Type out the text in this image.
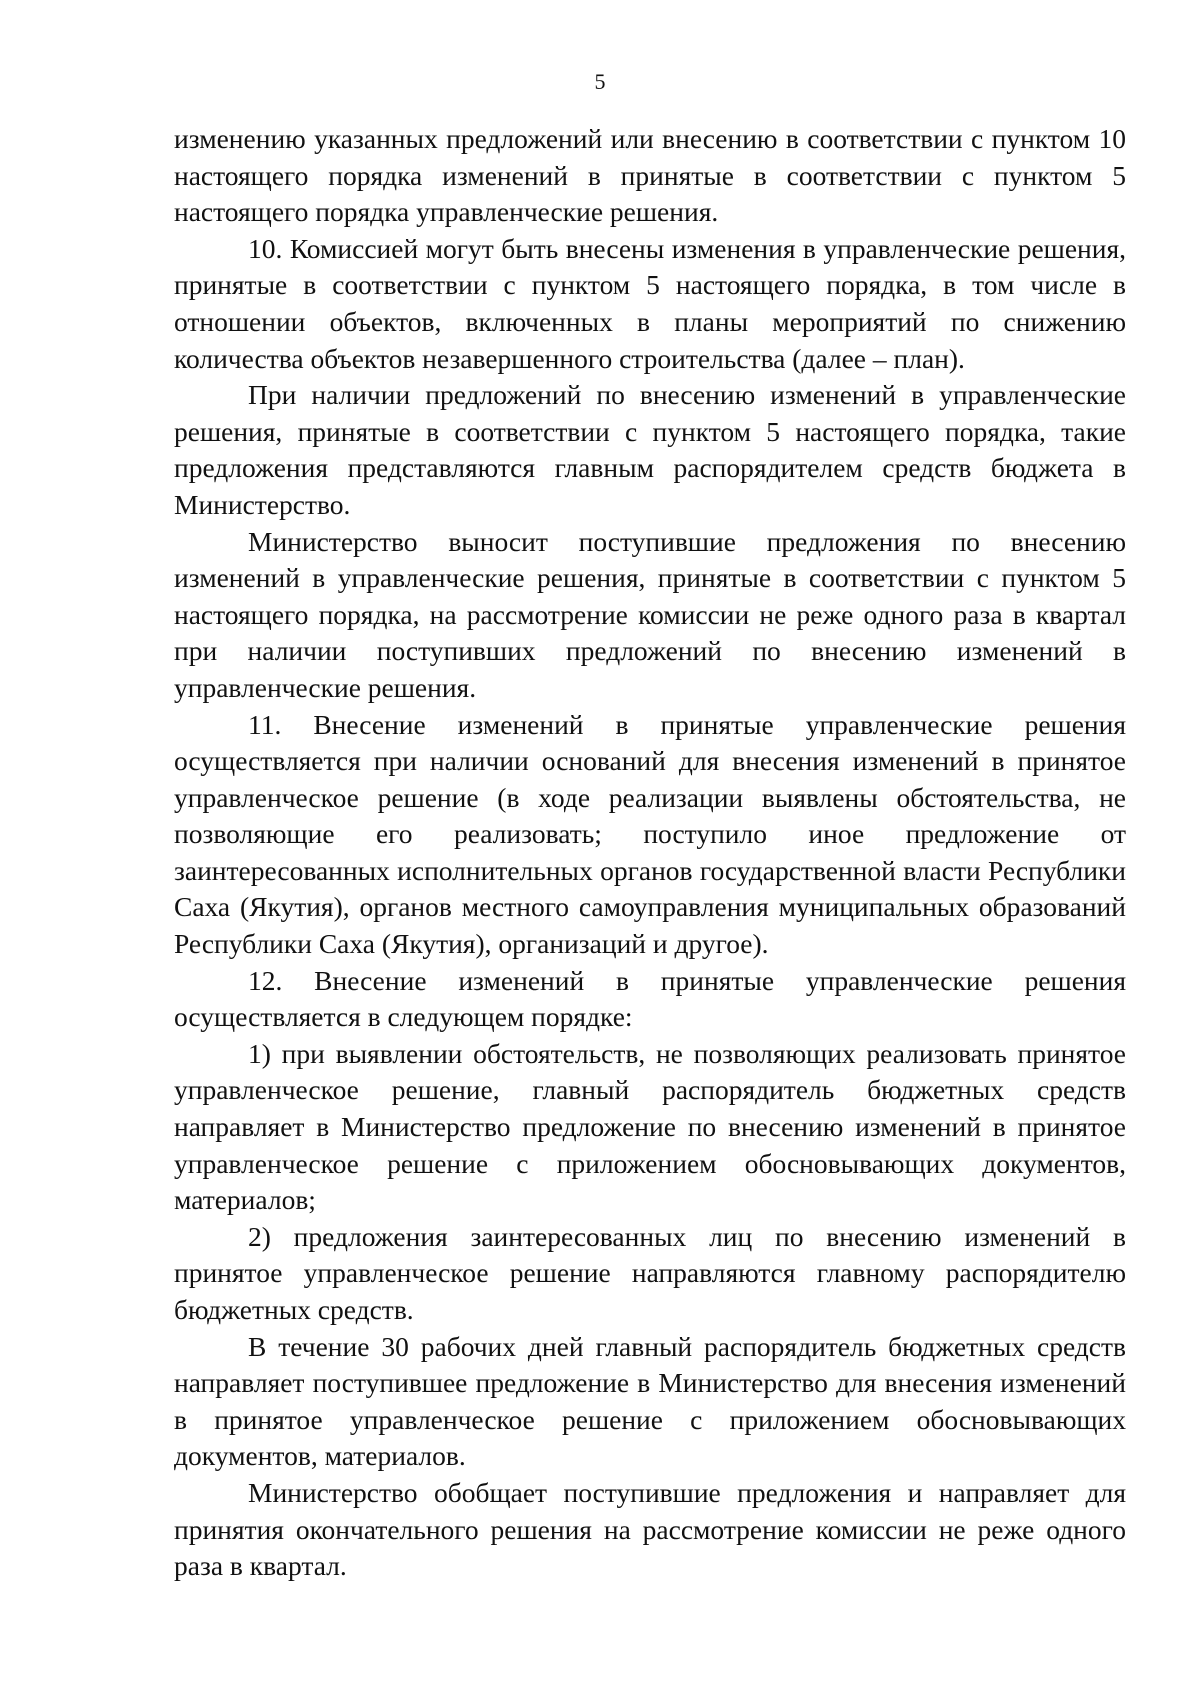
5

изменению указанных предложений или внесению в соответствии с пунктом 10 настоящего порядка изменений в принятые в соответствии с пунктом 5 настоящего порядка управленческие решения.

10. Комиссией могут быть внесены изменения в управленческие решения, принятые в соответствии с пунктом 5 настоящего порядка, в том числе в отношении объектов, включенных в планы мероприятий по снижению количества объектов незавершенного строительства (далее – план).

При наличии предложений по внесению изменений в управленческие решения, принятые в соответствии с пунктом 5 настоящего порядка, такие предложения представляются главным распорядителем средств бюджета в Министерство.

Министерство выносит поступившие предложения по внесению изменений в управленческие решения, принятые в соответствии с пунктом 5 настоящего порядка, на рассмотрение комиссии не реже одного раза в квартал при наличии поступивших предложений по внесению изменений в управленческие решения.

11. Внесение изменений в принятые управленческие решения осуществляется при наличии оснований для внесения изменений в принятое управленческое решение (в ходе реализации выявлены обстоятельства, не позволяющие его реализовать; поступило иное предложение от заинтересованных исполнительных органов государственной власти Республики Саха (Якутия), органов местного самоуправления муниципальных образований Республики Саха (Якутия), организаций и другое).

12. Внесение изменений в принятые управленческие решения осуществляется в следующем порядке:

1) при выявлении обстоятельств, не позволяющих реализовать принятое управленческое решение, главный распорядитель бюджетных средств направляет в Министерство предложение по внесению изменений в принятое управленческое решение с приложением обосновывающих документов, материалов;

2) предложения заинтересованных лиц по внесению изменений в принятое управленческое решение направляются главному распорядителю бюджетных средств.

В течение 30 рабочих дней главный распорядитель бюджетных средств направляет поступившее предложение в Министерство для внесения изменений в принятое управленческое решение с приложением обосновывающих документов, материалов.

Министерство обобщает поступившие предложения и направляет для принятия окончательного решения на рассмотрение комиссии не реже одного раза в квартал.
